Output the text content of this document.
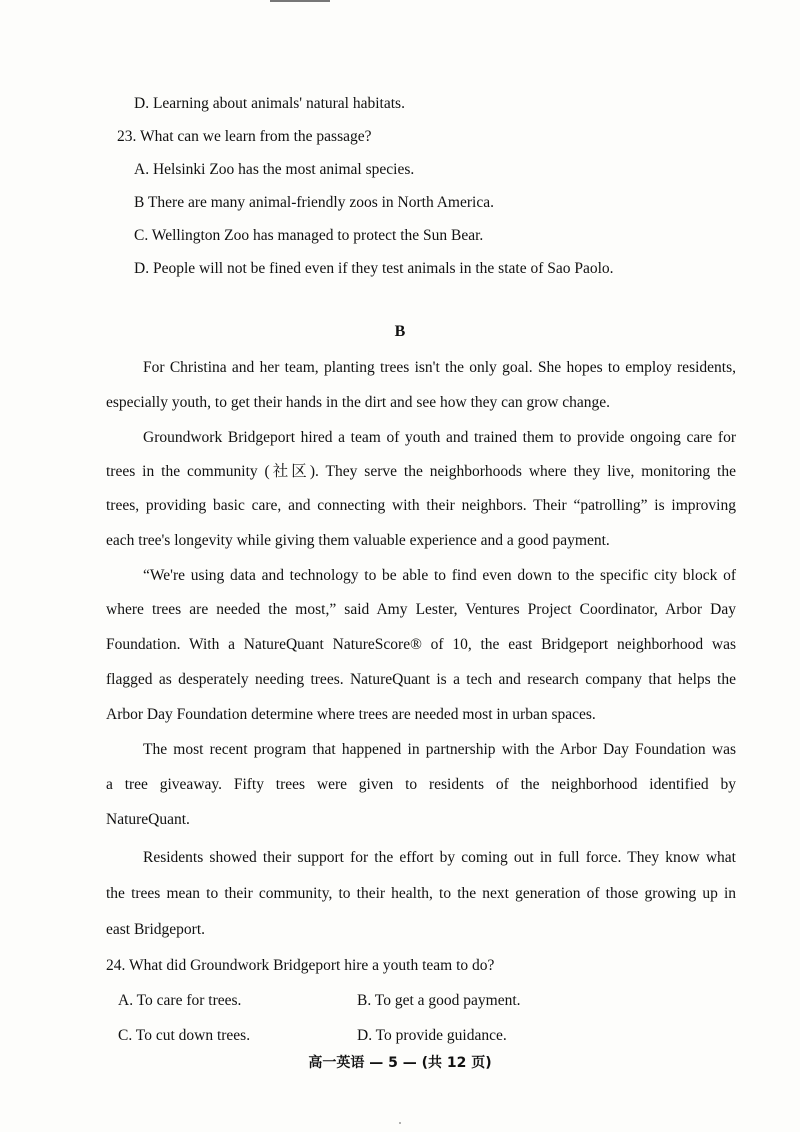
D. Learning about animals' natural habitats.
23. What can we learn from the passage?
A. Helsinki Zoo has the most animal species.
B There are many animal-friendly zoos in North America.
C. Wellington Zoo has managed to protect the Sun Bear.
D. People will not be fined even if they test animals in the state of Sao Paolo.
B
For Christina and her team, planting trees isn't the only goal. She hopes to employ residents,
especially youth, to get their hands in the dirt and see how they can grow change.
Groundwork Bridgeport hired a team of youth and trained them to provide ongoing care for
trees in the community (社区). They serve the neighborhoods where they live, monitoring the
trees, providing basic care, and connecting with their neighbors. Their “patrolling” is improving
each tree's longevity while giving them valuable experience and a good payment.
“We're using data and technology to be able to find even down to the specific city block of
where trees are needed the most,” said Amy Lester, Ventures Project Coordinator, Arbor Day
Foundation. With a NatureQuant NatureScore® of 10, the east Bridgeport neighborhood was
flagged as desperately needing trees. NatureQuant is a tech and research company that helps the
Arbor Day Foundation determine where trees are needed most in urban spaces.
The most recent program that happened in partnership with the Arbor Day Foundation was
a tree giveaway. Fifty trees were given to residents of the neighborhood identified by
NatureQuant.
Residents showed their support for the effort by coming out in full force. They know what
the trees mean to their community, to their health, to the next generation of those growing up in
east Bridgeport.
24. What did Groundwork Bridgeport hire a youth team to do?
A. To care for trees.	B. To get a good payment.
C. To cut down trees.	D. To provide guidance.
高一英语 — 5 — (共 12 页)
